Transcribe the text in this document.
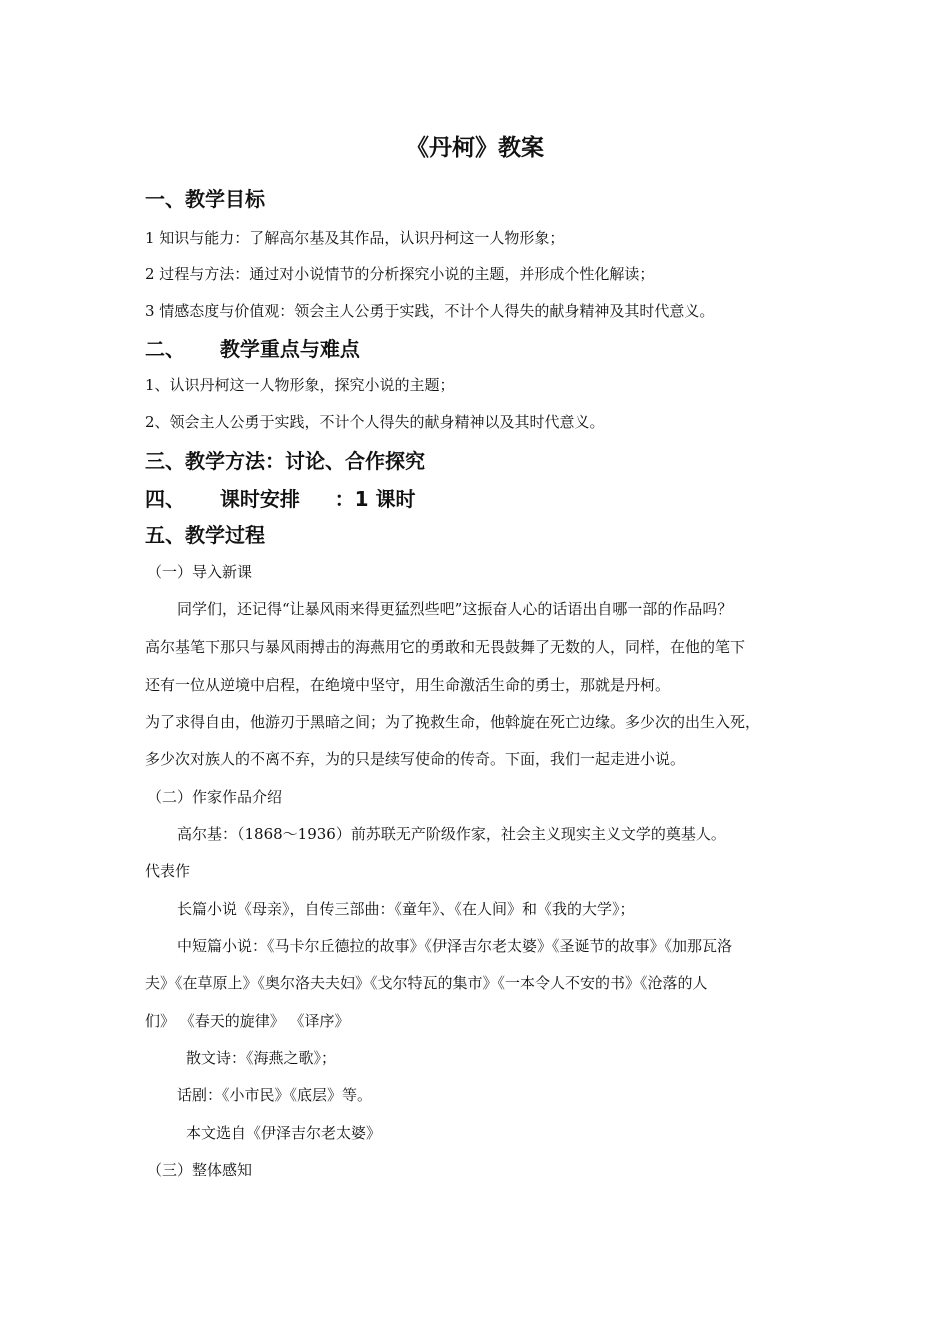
《丹柯》教案
一、教学目标
1 知识与能力：了解高尔基及其作品，认识丹柯这一人物形象；
2 过程与方法：通过对小说情节的分析探究小说的主题，并形成个性化解读；
3 情感态度与价值观：领会主人公勇于实践，不计个人得失的献身精神及其时代意义。
二、     教学重点与难点
1、认识丹柯这一人物形象，探究小说的主题；
2、领会主人公勇于实践，不计个人得失的献身精神以及其时代意义。
三、教学方法：讨论、合作探究
四、     课时安排     ：1 课时
五、教学过程
（一）导入新课
同学们，还记得“让暴风雨来得更猛烈些吧”这振奋人心的话语出自哪一部的作品吗？
高尔基笔下那只与暴风雨搏击的海燕用它的勇敢和无畏鼓舞了无数的人，同样，在他的笔下
还有一位从逆境中启程，在绝境中坚守，用生命激活生命的勇士，那就是丹柯。
为了求得自由，他游刃于黑暗之间；为了挽救生命，他斡旋在死亡边缘。多少次的出生入死，
多少次对族人的不离不弃，为的只是续写使命的传奇。下面，我们一起走进小说。
（二）作家作品介绍
高尔基：（1868～1936）前苏联无产阶级作家，社会主义现实主义文学的奠基人。
代表作
长篇小说《母亲》，自传三部曲：《童年》、《在人间》和《我的大学》；
中短篇小说：《马卡尔丘德拉的故事》《伊泽吉尔老太婆》《圣诞节的故事》《加那瓦洛
夫》《在草原上》《奥尔洛夫夫妇》《戈尔特瓦的集市》《一本令人不安的书》《沧落的人
们》 《春天的旋律》 《译序》
散文诗：《海燕之歌》；
话剧：《小市民》《底层》等。
本文选自《伊泽吉尔老太婆》
（三）整体感知
